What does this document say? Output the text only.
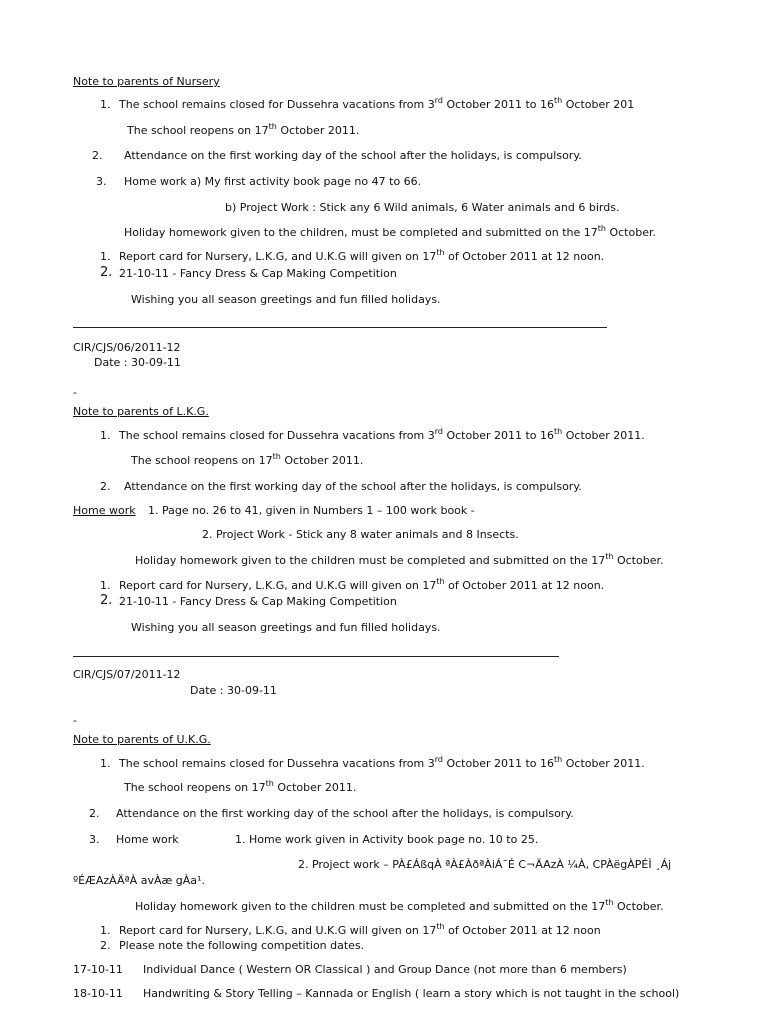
Note to parents of Nursery
1. The school remains closed for Dussehra vacations from 3rd October 2011 to 16th October 201
The school reopens on 17th October 2011.
2. Attendance on the first working day of the school after the holidays, is compulsory.
3. Home work a) My first activity book page no 47 to 66.
b) Project Work : Stick any 6 Wild animals, 6 Water animals and 6 birds.
Holiday homework given to the children, must be completed and submitted on the 17th October.
1. Report card for Nursery, L.K.G, and U.K.G will given on 17th of October 2011 at 12 noon.
2. 21-10-11 - Fancy Dress & Cap Making Competition
Wishing you all season greetings and fun filled holidays.
CIR/CJS/06/2011-12
Date : 30-09-11
-
Note to parents of L.K.G.
1. The school remains closed for Dussehra vacations from 3rd October 2011 to 16th October 2011.
The school reopens on 17th October 2011.
2. Attendance on the first working day of the school after the holidays, is compulsory.
Home work 1. Page no. 26 to 41, given in Numbers 1 – 100 work book -
2. Project Work - Stick any 8 water animals and 8 Insects.
Holiday homework given to the children must be completed and submitted on the 17th October.
1. Report card for Nursery, L.K.G, and U.K.G will given on 17th of October 2011 at 12 noon.
2. 21-10-11 - Fancy Dress & Cap Making Competition
Wishing you all season greetings and fun filled holidays.
CIR/CJS/07/2011-12
Date : 30-09-11
-
Note to parents of U.K.G.
1. The school remains closed for Dussehra vacations from 3rd October 2011 to 16th October 2011.
The school reopens on 17th October 2011.
2. Attendance on the first working day of the school after the holidays, is compulsory.
3. Home work	1. Home work given in Activity book page no. 10 to 25.
2. Project work – PÀ£ÁßqÀ ªÀ£ÀðªÀiÁ¯É C¬ÄAzÀ ¼À, CPÀëgÀPÉÌ ¸Áj
ºÉÆAzÀÄªÀ avÀæ gÀa¹.
Holiday homework given to the children must be completed and submitted on the 17th October.
1. Report card for Nursery, L.K.G, and U.K.G will given on 17th of October 2011 at 12 noon
2. Please note the following competition dates.
17-10-11 Individual Dance ( Western OR Classical ) and Group Dance (not more than 6 members)
18-10-11 Handwriting & Story Telling – Kannada or English ( learn a story which is not taught in the school)
